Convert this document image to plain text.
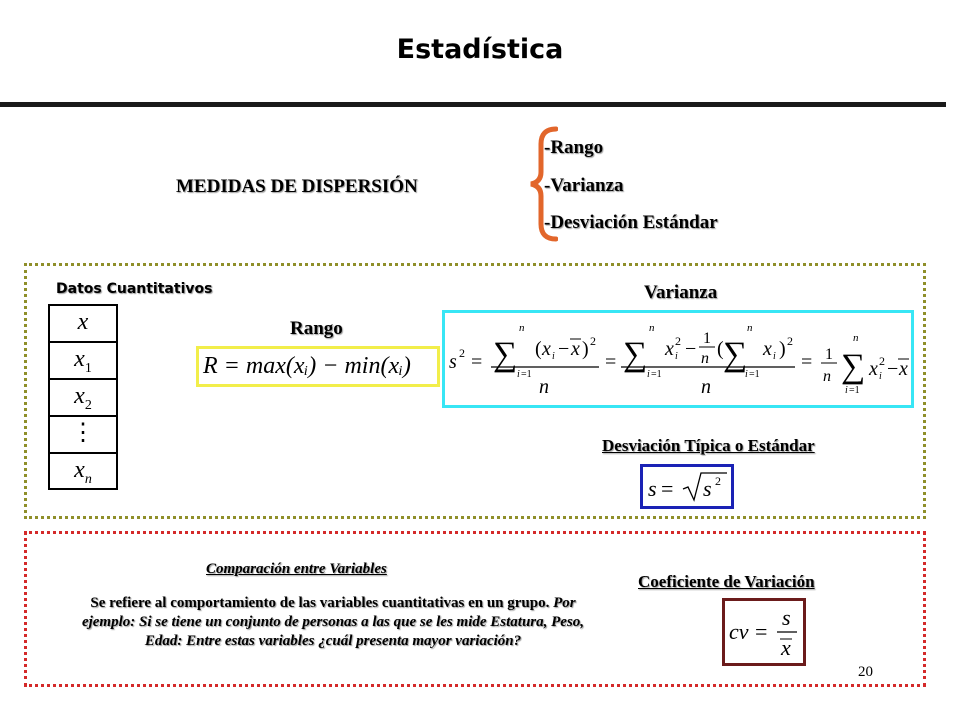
Estadística
MEDIDAS DE DISPERSIÓN
-Rango
-Varianza
-Desviación Estándar
Datos Cuantitativos
x
$x_1$
$x_2$
⋮
$x_n$
Rango
R = max(xᵢ) − min(xᵢ)
Varianza
s 2 =
n
∑
i =1
( x i − x ) 2
n
=
n
∑
i =1
x i
2 − 1
n (
n
∑
i =1
x i ) 2
n
= 1
n
n
∑
i =1
x i
2 − x
Desviación Típica o Estándar
s = s 2
Comparación entre Variables
Se refiere al comportamiento de las variables cuantitativas en un grupo. Por ejemplo: Si se tiene un conjunto de personas a las que se les mide Estatura, Peso, Edad: Entre estas variables ¿cuál presenta mayor variación?
Coeficiente de Variación
cv =
s
x
20
